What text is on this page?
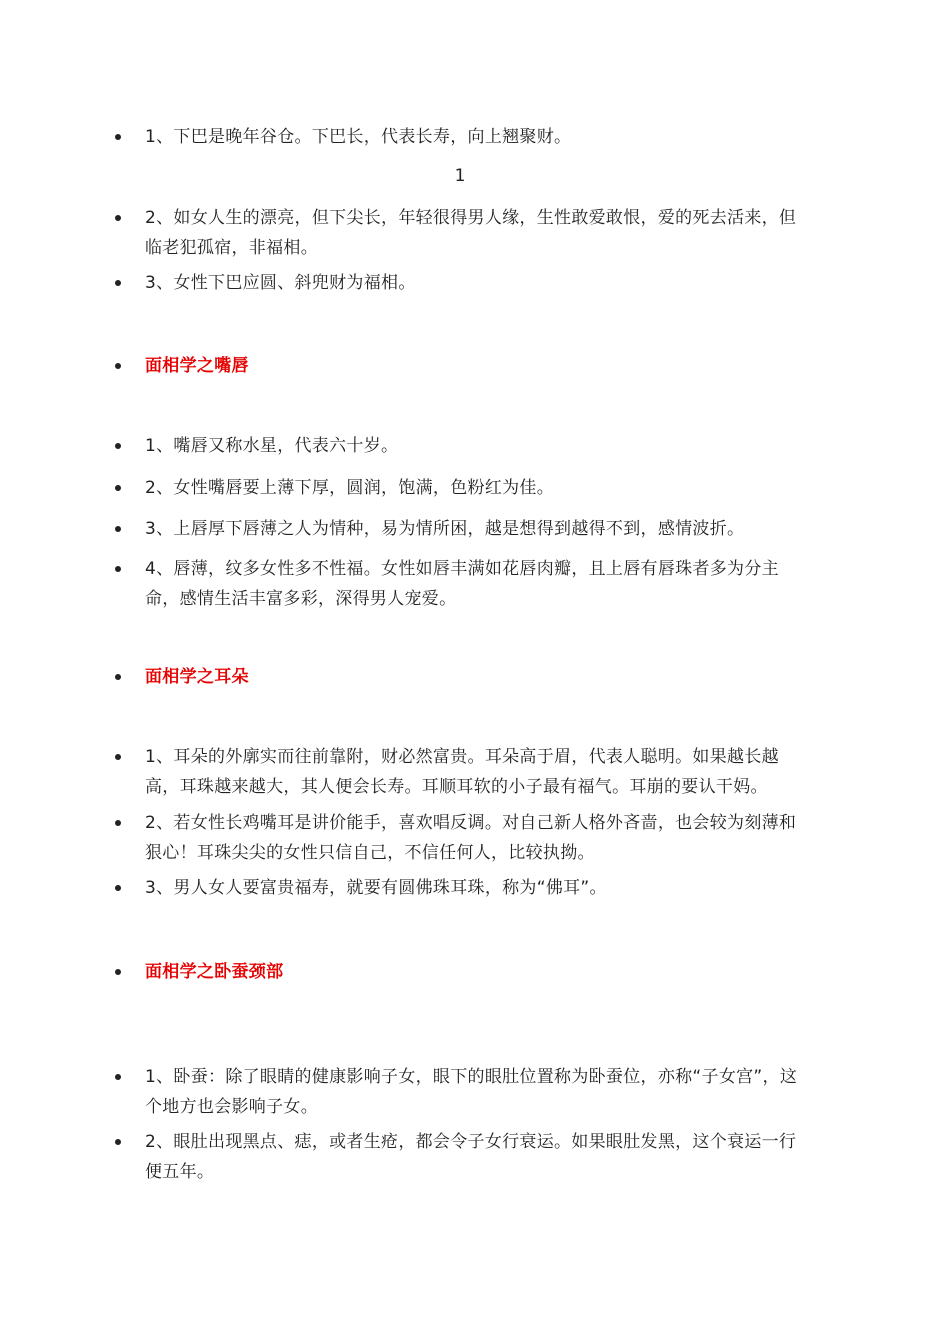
1、下巴是晚年谷仓。下巴长，代表长寿，向上翘聚财。
1
2、如女人生的漂亮，但下尖长，年轻很得男人缘，生性敢爱敢恨，爱的死去活来，但临老犯孤宿，非福相。
3、女性下巴应圆、斜兜财为福相。
面相学之嘴唇
1、嘴唇又称水星，代表六十岁。
2、女性嘴唇要上薄下厚，圆润，饱满，色粉红为佳。
3、上唇厚下唇薄之人为情种，易为情所困，越是想得到越得不到，感情波折。
4、唇薄，纹多女性多不性福。女性如唇丰满如花唇肉瓣，且上唇有唇珠者多为分主命，感情生活丰富多彩，深得男人宠爱。
面相学之耳朵
1、耳朵的外廓实而往前靠附，财必然富贵。耳朵高于眉，代表人聪明。如果越长越高，耳珠越来越大，其人便会长寿。耳顺耳软的小子最有福气。耳崩的要认干妈。
2、若女性长鸡嘴耳是讲价能手，喜欢唱反调。对自己新人格外吝啬，也会较为刻薄和狠心！耳珠尖尖的女性只信自己，不信任何人，比较执拗。
3、男人女人要富贵福寿，就要有圆佛珠耳珠，称为“佛耳”。
面相学之卧蚕颈部
1、卧蚕：除了眼睛的健康影响子女，眼下的眼肚位置称为卧蚕位，亦称“子女宫”，这个地方也会影响子女。
2、眼肚出现黑点、痣，或者生疮，都会令子女行衰运。如果眼肚发黑，这个衰运一行便五年。
